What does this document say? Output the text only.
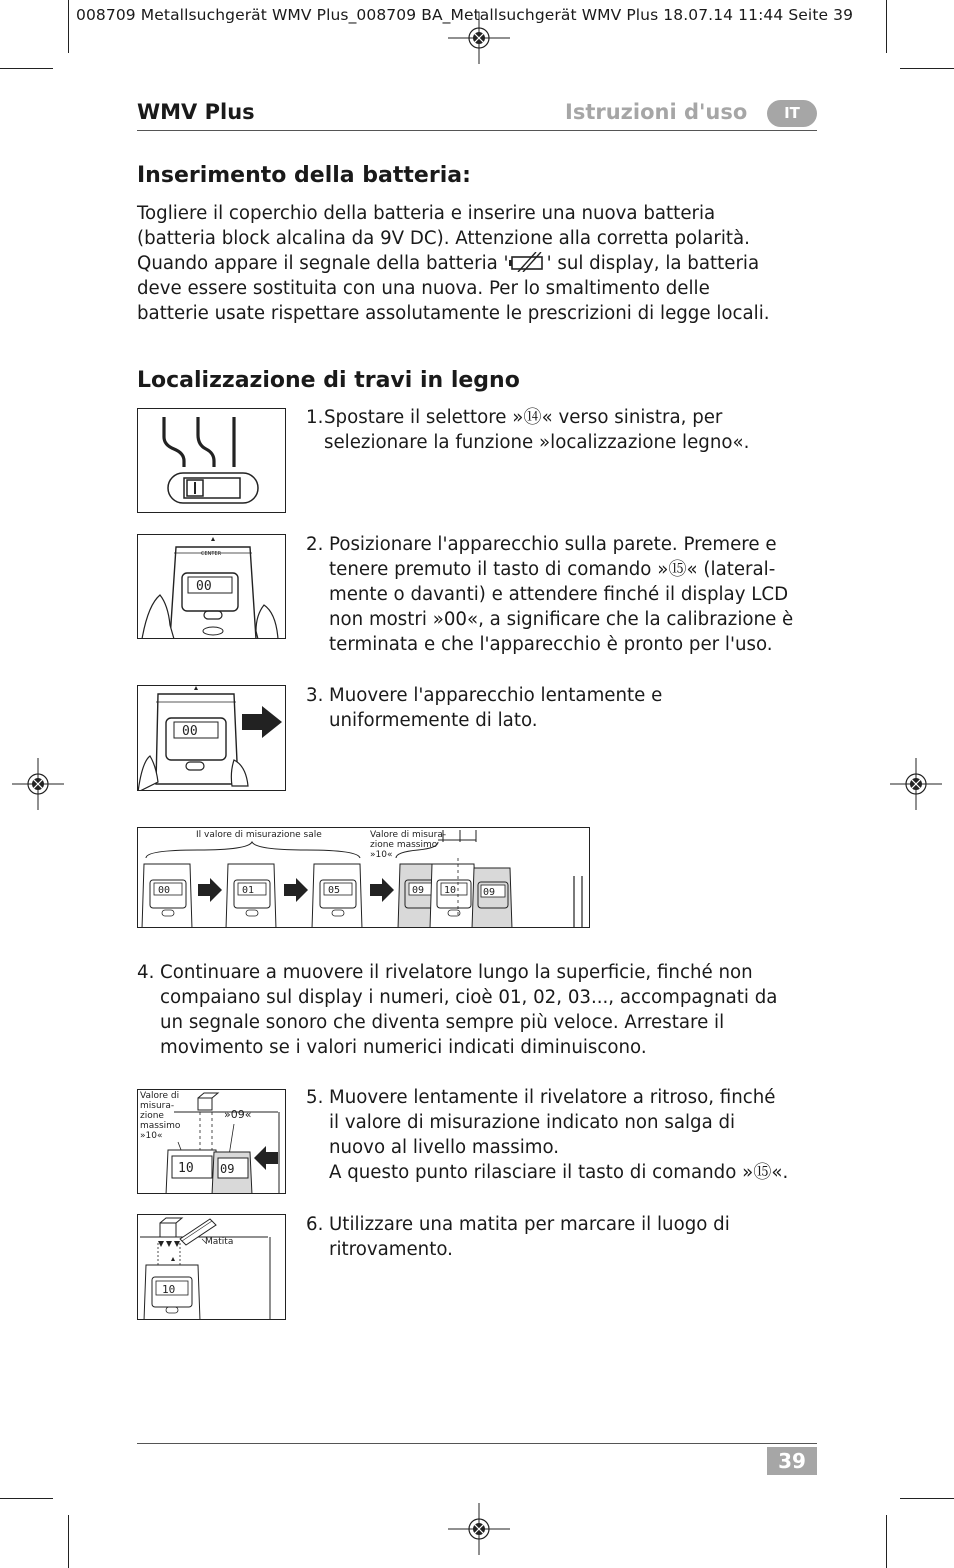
008709 Metallsuchgerät WMV Plus_008709 BA_Metallsuchgerät WMV Plus 18.07.14 11:44 Seite 39
WMV Plus	Istruzioni d'uso	IT
Inserimento della batteria:
Togliere il coperchio della batteria e inserire una nuova batteria
(batteria block alcalina da 9V DC). Attenzione alla corretta polarità.
Quando appare il segnale della batteria ' ' sul display, la batteria
deve essere sostituita con una nuova. Per lo smaltimento delle
batterie usate rispettare assolutamente le prescrizioni di legge locali.
Localizzazione di travi in legno
1. Spostare il selettore »⑭« verso sinistra, per
selezionare la funzione »localizzazione legno«.
00
CENTER	2. Posizionare l'apparecchio sulla parete. Premere e
tenere premuto il tasto di comando »⑮« (lateral-
mente o davanti) e attendere finché il display LCD
non mostri »00«, a significare che la calibrazione è
terminata e che l'apparecchio è pronto per l'uso.
00
3. Muovere l'apparecchio lentamente e
uniformemente di lato.
00	01	05	09 10	09
Il valore di misurazione sale	Valore di misura-
zione massimo
»10«
4. Continuare a muovere il rivelatore lungo la superficie, finché non
compaiano sul display i numeri, cioè 01, 02, 03..., accompagnati da
un segnale sonoro che diventa sempre più veloce. Arrestare il
movimento se i valori numerici indicati diminuiscono.
10 09
Valore di
misura-
zione
massimo
»10«
»09«
5. Muovere lentamente il rivelatore a ritroso, finché
il valore di misurazione indicato non salga di
nuovo al livello massimo.
A questo punto rilasciare il tasto di comando »⑮«.
10
Matita
6. Utilizzare una matita per marcare il luogo di
ritrovamento.
39
